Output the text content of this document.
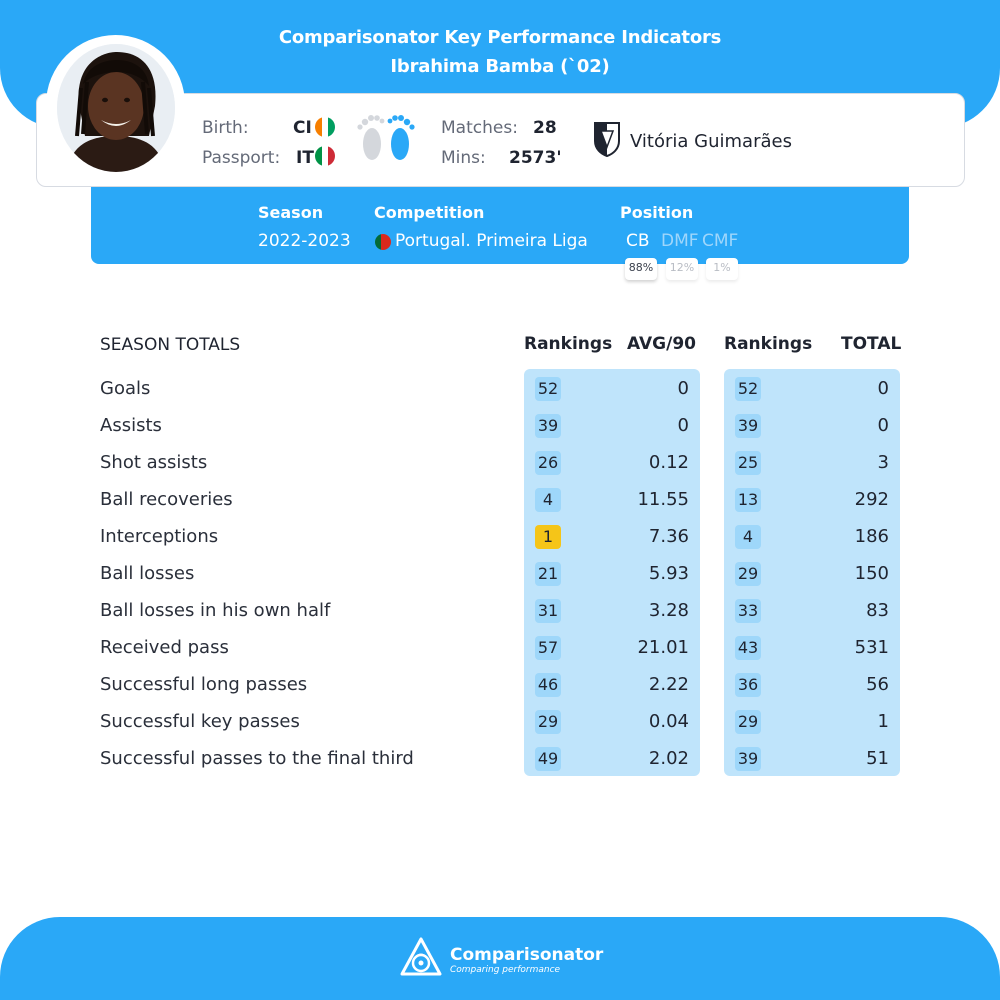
Comparisonator Key Performance Indicators
Ibrahima Bamba (`02)
Birth:	CI
Passport: IT
Matches: 28
Mins: 2573'
Vitória Guimarães
Season
2022-2023
Competition
Portugal. Primeira Liga
Position
CB DMF CMF
88%	12%	1%
SEASON TOTALS	Rankings AVG/90 Rankings TOTAL
Goals	52	0	52	0
Assists	39	0	39	0
Shot assists	26	0.12	25	3
Ball recoveries	4	11.55	13	292
Interceptions	1	7.36	4	186
Ball losses	21	5.93	29	150
Ball losses in his own half	31	3.28	33	83
Received pass	57	21.01	43	531
Successful long passes	46	2.22	36	56
Successful key passes	29	0.04	29	1
Successful passes to the final third	49	2.02	39	51
Comparisonator
Comparing performance
